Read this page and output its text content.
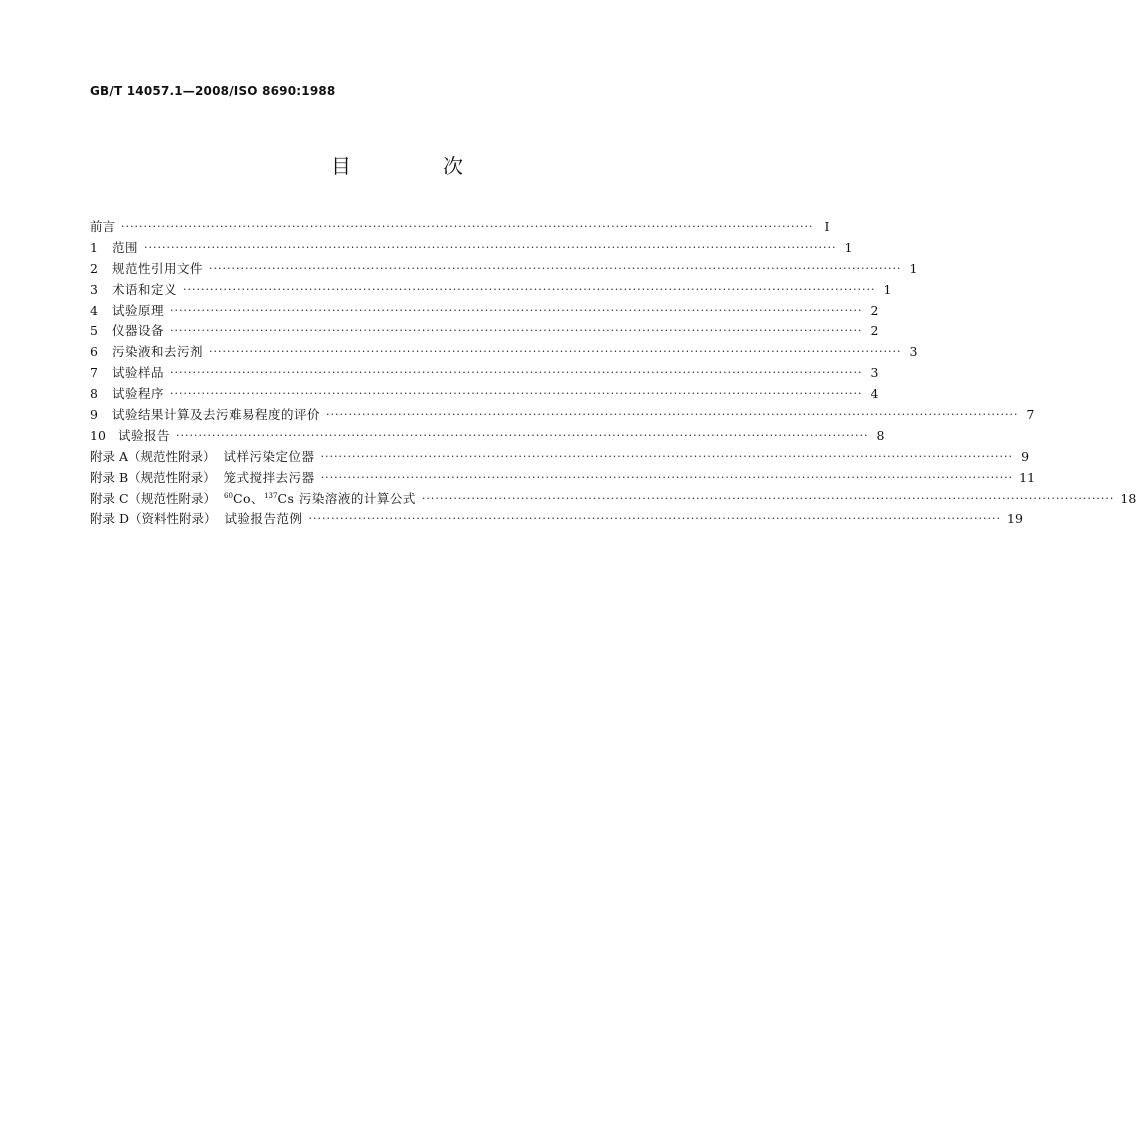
GB/T 14057.1—2008/ISO 8690:1988
目　次
前言 ·························································································································································· I
1 范围 ·························································································································································· 1
2 规范性引用文件 ·························································································································································· 1
3 术语和定义 ·························································································································································· 1
4 试验原理 ·························································································································································· 2
5 仪器设备 ·························································································································································· 2
6 污染液和去污剂 ·························································································································································· 3
7 试验样品 ·························································································································································· 3
8 试验程序 ·························································································································································· 4
9 试验结果计算及去污难易程度的评价 ·························································································································································· 7
10 试验报告 ·························································································································································· 8
附录 A（规范性附录） 试样污染定位器 ·························································································································································· 9
附录 B（规范性附录） 笼式搅拌去污器 ·························································································································································· 11
附录 C（规范性附录） $^{60}$Co、$^{137}$Cs 污染溶液的计算公式 ·························································································································································· 18
附录 D（资料性附录） 试验报告范例 ·························································································································································· 19
